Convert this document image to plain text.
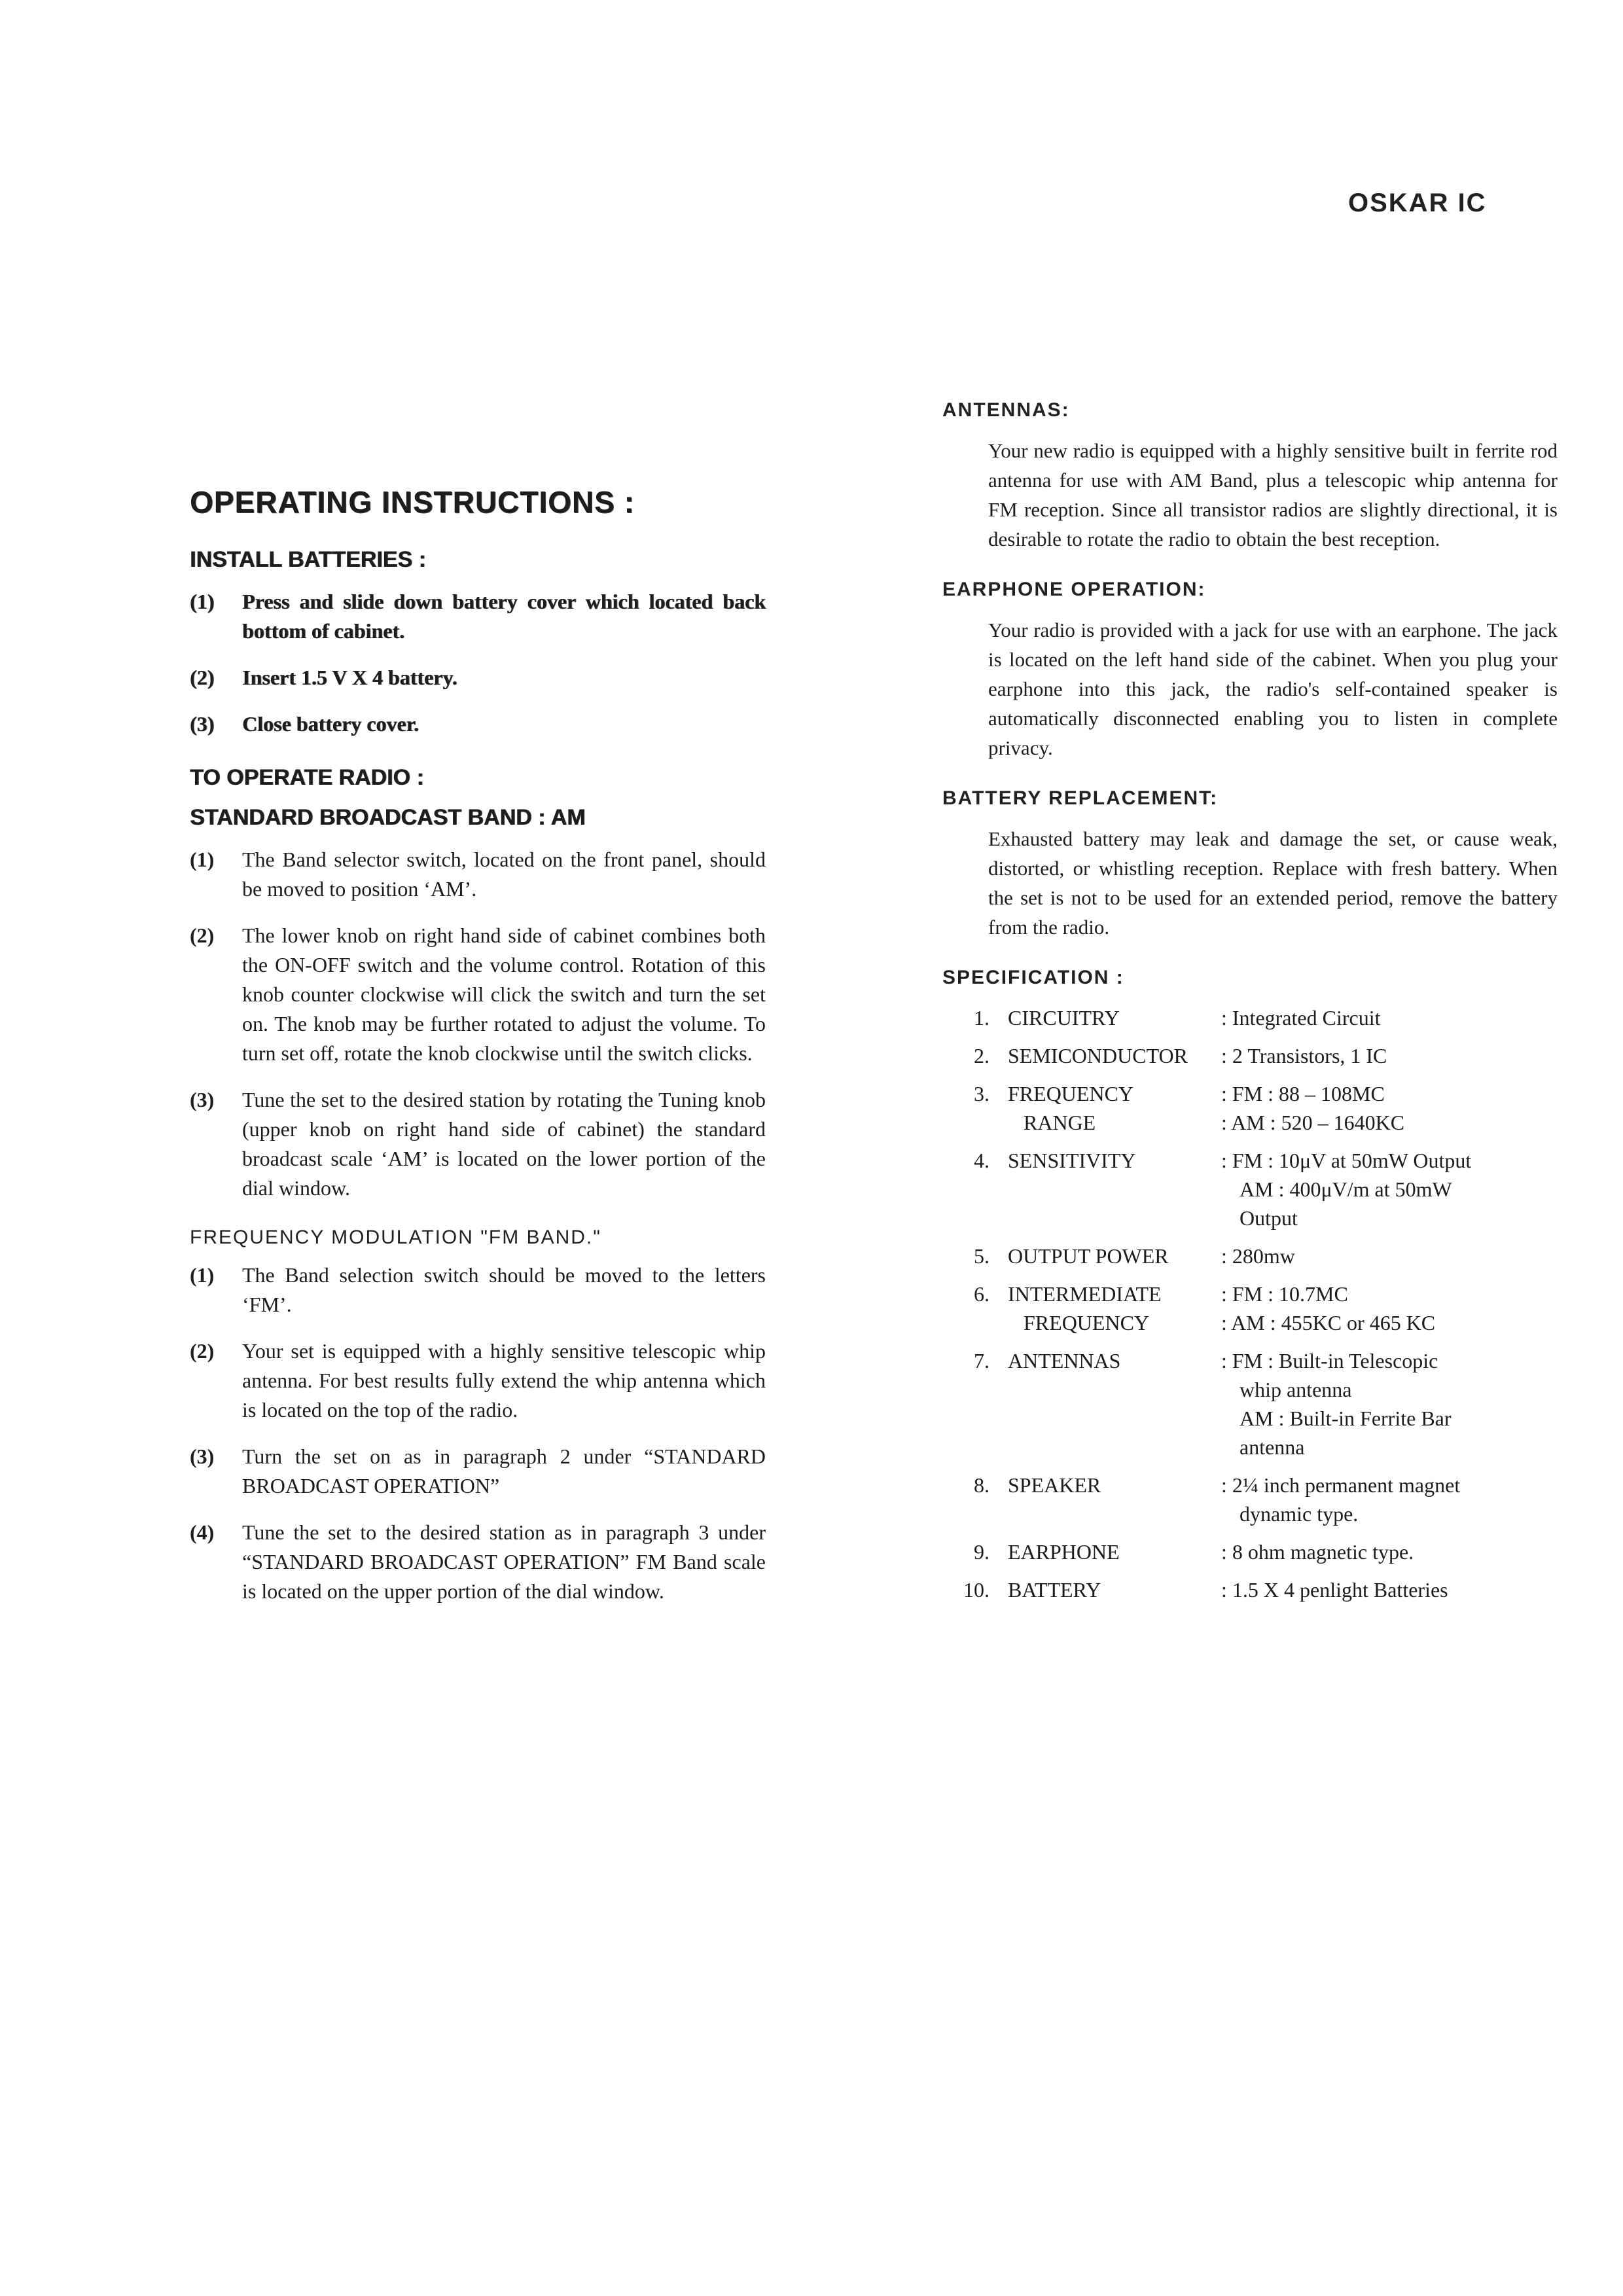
OSKAR IC
OPERATING INSTRUCTIONS :
INSTALL BATTERIES :
(1)	Press and slide down battery cover which located back bottom of cabinet.
(2)	Insert 1.5 V X 4 battery.
(3)	Close battery cover.
TO OPERATE RADIO :
STANDARD BROADCAST BAND : AM
(1)	The Band selector switch, located on the front panel, should be moved to position ‘AM’.
(2)	The lower knob on right hand side of cabinet combines both the ON-OFF switch and the volume control. Rotation of this knob counter clockwise will click the switch and turn the set on. The knob may be further rotated to adjust the volume. To turn set off, rotate the knob clockwise until the switch clicks.
(3)	Tune the set to the desired station by rotating the Tuning knob (upper knob on right hand side of cabinet) the standard broadcast scale ‘AM’ is located on the lower portion of the dial window.
FREQUENCY MODULATION "FM BAND."
(1)	The Band selection switch should be moved to the letters ‘FM’.
(2)	Your set is equipped with a highly sensitive telescopic whip antenna. For best results fully extend the whip antenna which is located on the top of the radio.
(3)	Turn the set on as in paragraph 2 under “STANDARD BROADCAST OPERATION”
(4)	Tune the set to the desired station as in paragraph 3 under “STANDARD BROADCAST OPERATION” FM Band scale is located on the upper portion of the dial window.
ANTENNAS:
Your new radio is equipped with a highly sensitive built in ferrite rod antenna for use with AM Band, plus a telescopic whip antenna for FM reception. Since all transistor radios are slightly directional, it is desirable to rotate the radio to obtain the best reception.
EARPHONE OPERATION:
Your radio is provided with a jack for use with an earphone. The jack is located on the left hand side of the cabinet. When you plug your earphone into this jack, the radio's self-contained speaker is automatically disconnected enabling you to listen in complete privacy.
BATTERY REPLACEMENT:
Exhausted battery may leak and damage the set, or cause weak, distorted, or whistling reception. Replace with fresh battery. When the set is not to be used for an extended period, remove the battery from the radio.
SPECIFICATION :
1.	CIRCUITRY	: Integrated Circuit

2.	SEMICONDUCTOR	: 2 Transistors, 1 IC

3.	FREQUENCY
RANGE	: FM : 88 – 108MC
: AM : 520 – 1640KC

4.	SENSITIVITY	: FM : 10μV at 50mW Output
AM : 400μV/m at 50mW
Output

5.	OUTPUT POWER	: 280mw

6.	INTERMEDIATE
FREQUENCY	: FM : 10.7MC
: AM : 455KC or 465 KC

7.	ANTENNAS	: FM : Built-in Telescopic
whip antenna
AM : Built-in Ferrite Bar
antenna

8.	SPEAKER	: 2¼ inch permanent magnet
dynamic type.

9.	EARPHONE	: 8 ohm magnetic type.

10.	BATTERY	: 1.5 X 4 penlight Batteries
